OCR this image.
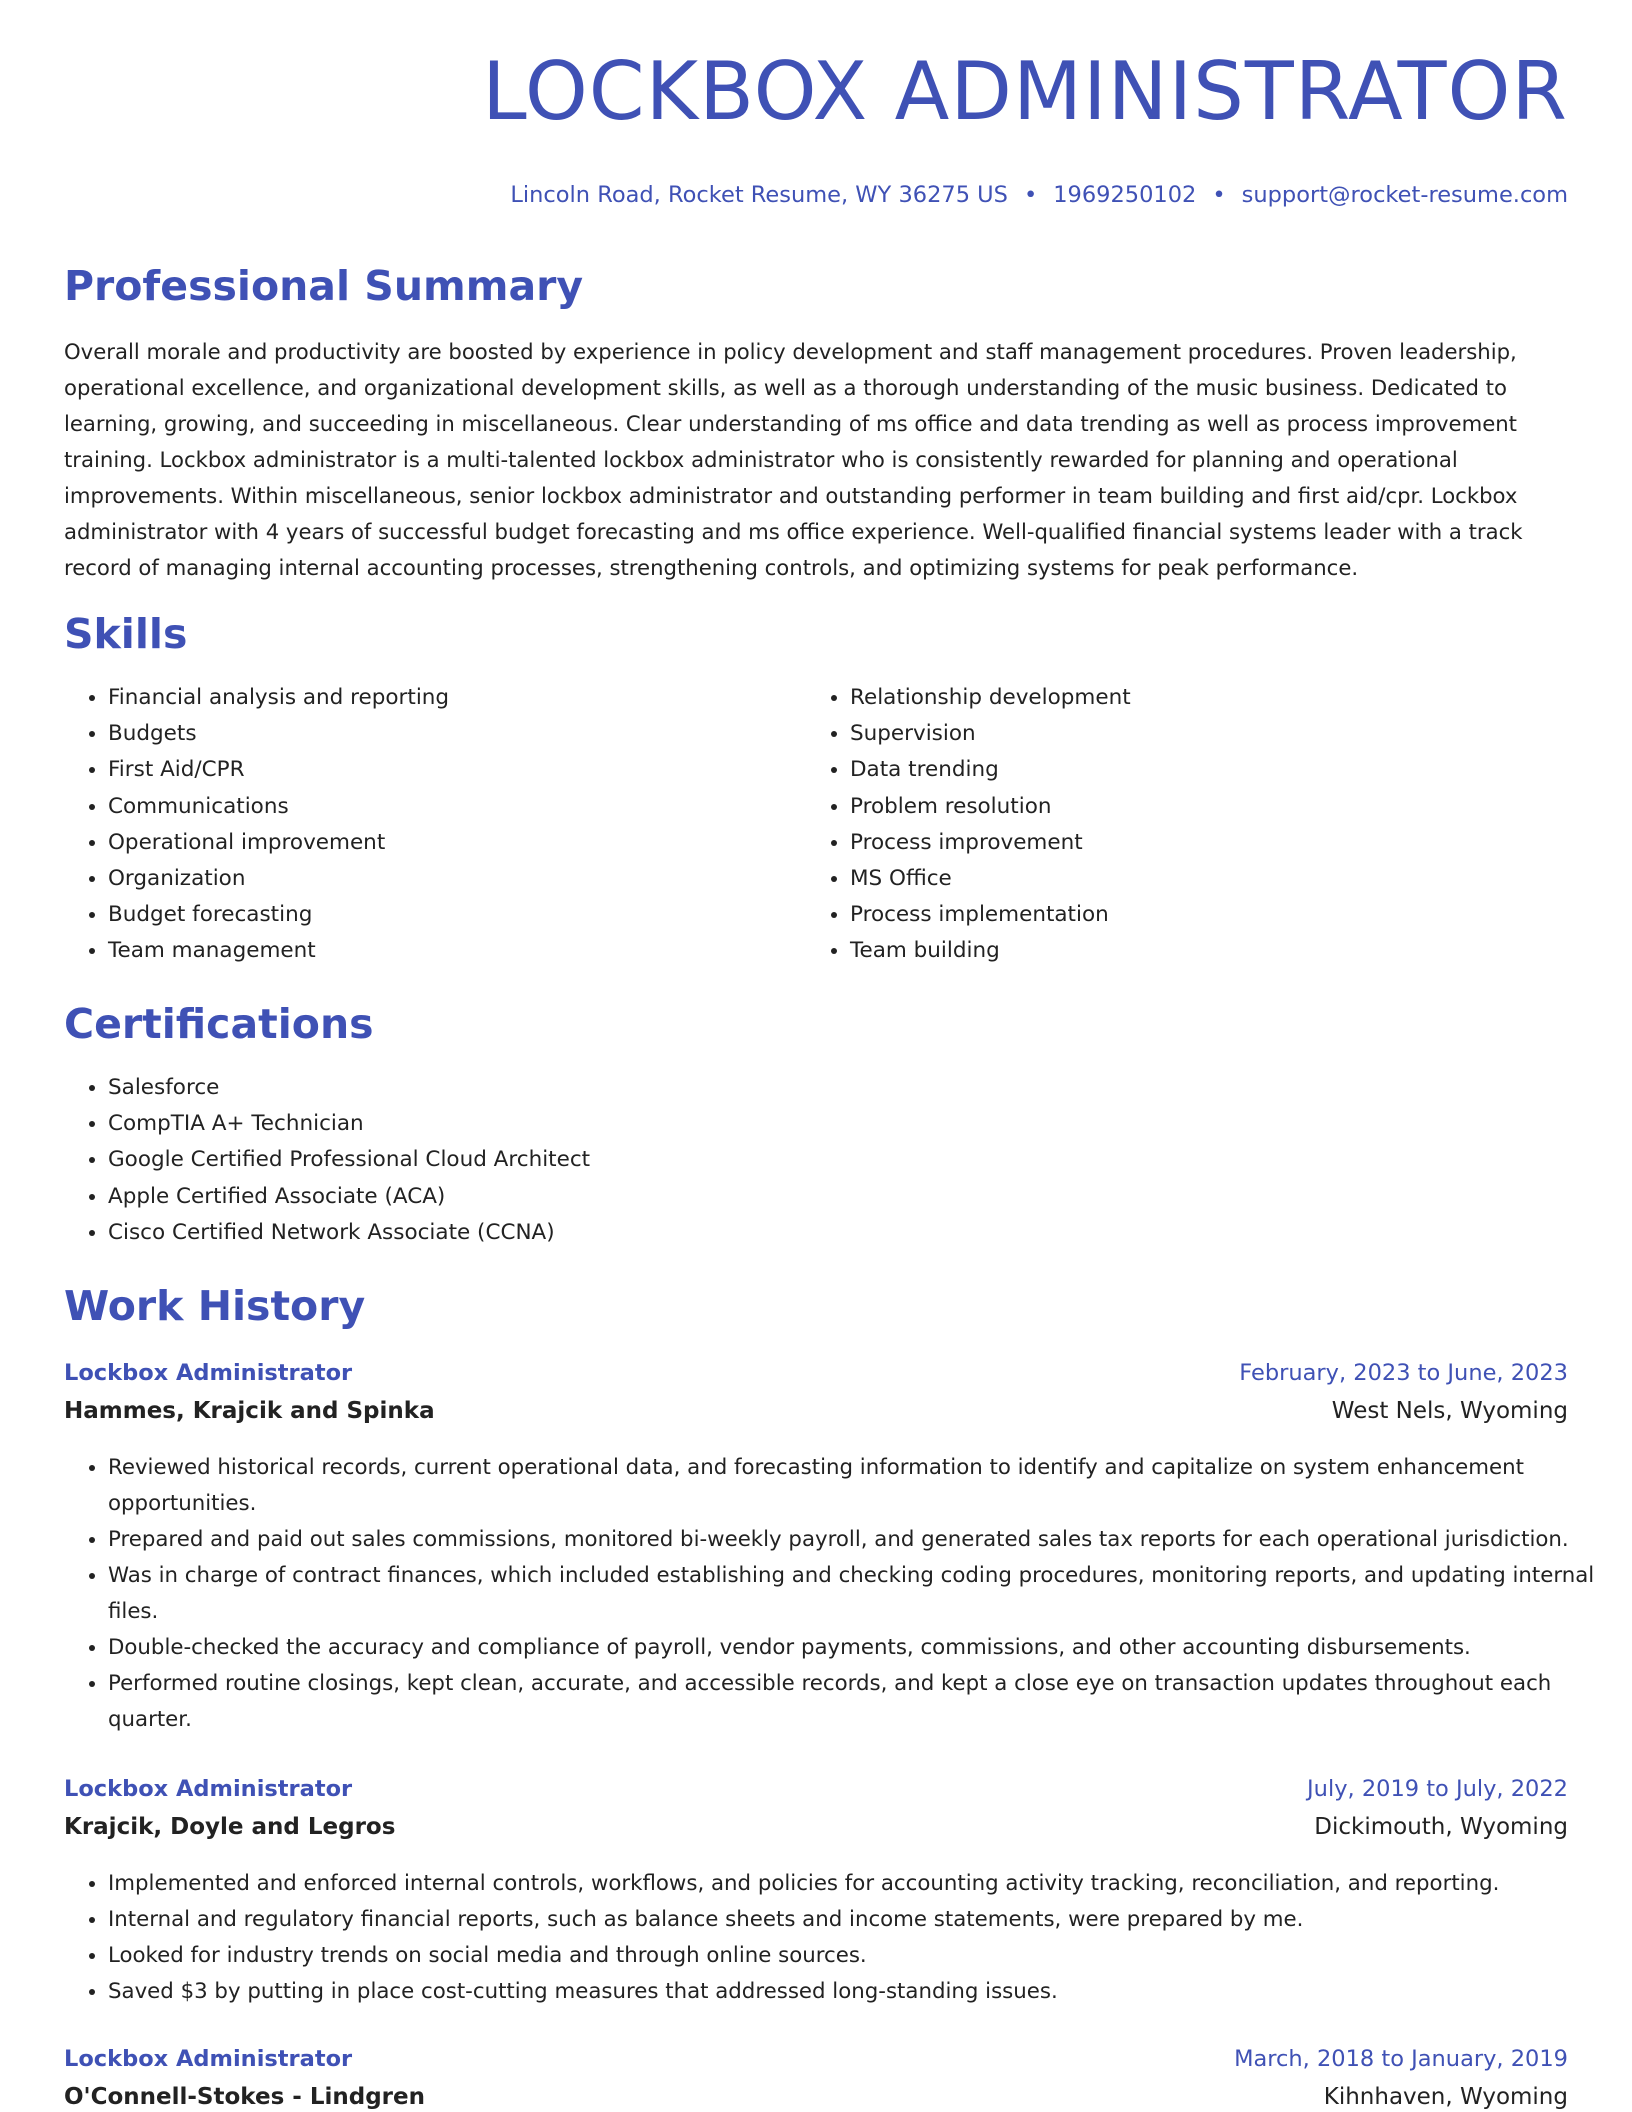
LOCKBOX ADMINISTRATOR
Lincoln Road, Rocket Resume, WY 36275 US • 1969250102 • support@rocket-resume.com
Professional Summary

Overall morale and productivity are boosted by experience in policy development and staff management procedures. Proven leadership, operational excellence, and organizational development skills, as well as a thorough understanding of the music business. Dedicated to learning, growing, and succeeding in miscellaneous. Clear understanding of ms office and data trending as well as process improvement training. Lockbox administrator is a multi-talented lockbox administrator who is consistently rewarded for planning and operational improvements. Within miscellaneous, senior lockbox administrator and outstanding performer in team building and first aid/cpr. Lockbox administrator with 4 years of successful budget forecasting and ms office experience. Well-qualified financial systems leader with a track record of managing internal accounting processes, strengthening controls, and optimizing systems for peak performance.

Skills
• Financial analysis and reporting
• Budgets
• First Aid/CPR
• Communications
• Operational improvement
• Organization
• Budget forecasting
• Team management
• Relationship development
• Supervision
• Data trending
• Problem resolution
• Process improvement
• MS Office
• Process implementation
• Team building
Certifications
• Salesforce
• CompTIA A+ Technician
• Google Certified Professional Cloud Architect
• Apple Certified Associate (ACA)
• Cisco Certified Network Associate (CCNA)
Work History
Lockbox Administrator	February, 2023 to June, 2023
Hammes, Krajcik and Spinka	West Nels, Wyoming
• Reviewed historical records, current operational data, and forecasting information to identify and capitalize on system enhancement opportunities.
• Prepared and paid out sales commissions, monitored bi-weekly payroll, and generated sales tax reports for each operational jurisdiction.
• Was in charge of contract finances, which included establishing and checking coding procedures, monitoring reports, and updating internal files.
• Double-checked the accuracy and compliance of payroll, vendor payments, commissions, and other accounting disbursements.
• Performed routine closings, kept clean, accurate, and accessible records, and kept a close eye on transaction updates throughout each quarter.
Lockbox Administrator	July, 2019 to July, 2022
Krajcik, Doyle and Legros	Dickimouth, Wyoming
• Implemented and enforced internal controls, workflows, and policies for accounting activity tracking, reconciliation, and reporting.
• Internal and regulatory financial reports, such as balance sheets and income statements, were prepared by me.
• Looked for industry trends on social media and through online sources.
• Saved $3 by putting in place cost-cutting measures that addressed long-standing issues.
Lockbox Administrator	March, 2018 to January, 2019
O'Connell-Stokes - Lindgren	Kihnhaven, Wyoming
